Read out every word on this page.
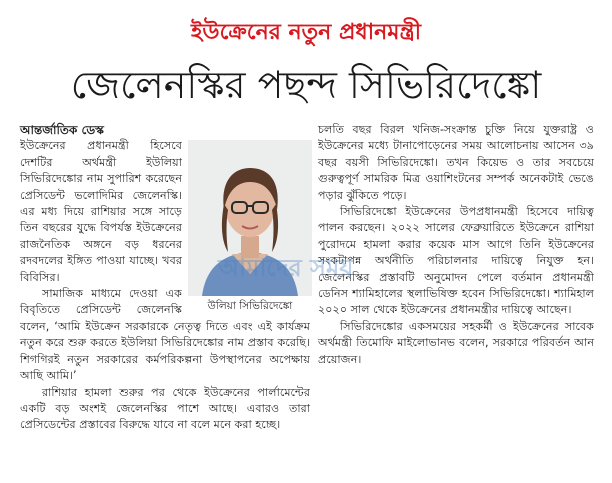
ইউক্রেনের নতুন প্রধানমন্ত্রী
জেলেনস্কির পছন্দ সিভিরিদেঙ্কো
আন্তর্জাতিক ডেস্ক

উলিয়া সিভিরিদেঙ্কো
ইউক্রেনের প্রধানমন্ত্রী হিসেবে দেশটির অর্থমন্ত্রী ইউলিয়া সিভিরিদেঙ্কোর নাম সুপারিশ করেছেন প্রেসিডেন্ট ভলোদিমির জেলেনস্কি। এর মধ্য দিয়ে রাশিয়ার সঙ্গে সাড়ে তিন বছরের যুদ্ধে বিপর্যস্ত ইউক্রেনের রাজনৈতিক অঙ্গনে বড় ধরনের রদবদলের ইঙ্গিত পাওয়া যাচ্ছে। খবর বিবিসির।

সামাজিক মাধ্যমে দেওয়া এক বিবৃতিতে প্রেসিডেন্ট জেলেনস্কি বলেন, ‘আমি ইউক্রেন সরকারকে নেতৃত্ব দিতে এবং এই কার্যক্রম নতুন করে শুরু করতে ইউলিয়া সিভিরিদেঙ্কোর নাম প্রস্তাব করেছি। শিগগিরই নতুন সরকারের কর্মপরিকল্পনা উপস্থাপনের অপেক্ষায় আছি আমি।’

রাশিয়ার হামলা শুরুর পর থেকে ইউক্রেনের পার্লামেন্টের একটি বড় অংশই জেলেনস্কির পাশে আছে। এবারও তারা প্রেসিডেন্টের প্রস্তাবের বিরুদ্ধে যাবে না বলে মনে করা হচ্ছে।

চলতি বছর বিরল খনিজ-সংক্রান্ত চুক্তি নিয়ে যুক্তরাষ্ট্র ও ইউক্রেনের মধ্যে টানাপোড়েনের সময় আলোচনায় আসেন ৩৯ বছর বয়সী সিভিরিদেঙ্কো। তখন কিয়েভ ও তার সবচেয়ে গুরুত্বপূর্ণ সামরিক মিত্র ওয়াশিংটনের সম্পর্ক অনেকটাই ভেঙে পড়ার ঝুঁকিতে পড়ে।

সিভিরিদেঙ্কো ইউক্রেনের উপপ্রধানমন্ত্রী হিসেবে দায়িত্ব পালন করছেন। ২০২২ সালের ফেব্রুয়ারিতে ইউক্রেনে রাশিয়া পুরোদমে হামলা করার কয়েক মাস আগে তিনি ইউক্রেনের সংকটাপন্ন অর্থনীতি পরিচালনার দায়িত্বে নিযুক্ত হন। জেলেনস্কির প্রস্তাবটি অনুমোদন পেলে বর্তমান প্রধানমন্ত্রী ডেনিস শ্যামিহালের স্থলাভিষিক্ত হবেন সিভিরিদেঙ্কো। শ্যামিহাল ২০২০ সাল থেকে ইউক্রেনের প্রধানমন্ত্রীর দায়িত্বে আছেন।

সিভিরিদেঙ্কোর একসময়ের সহকর্মী ও ইউক্রেনের সাবেক অর্থমন্ত্রী তিমোফি মাইলোভানভ বলেন, সরকারে পরিবর্তন আন প্রয়োজন।

আমাদের সময়
